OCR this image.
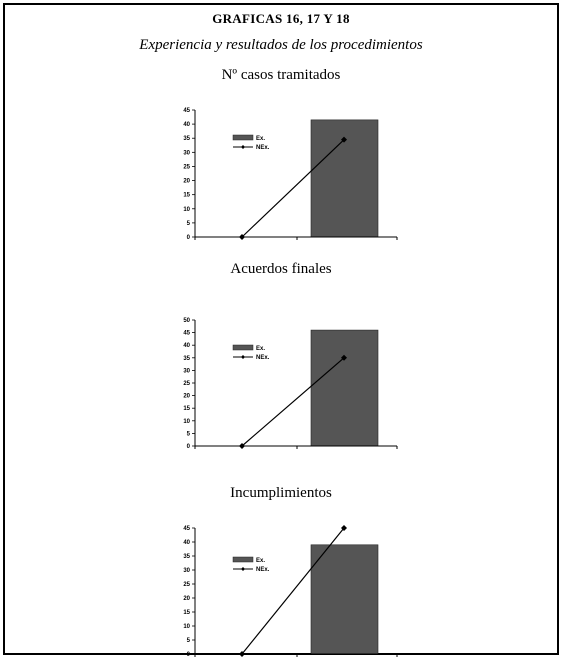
GRAFICAS 16, 17 Y 18
Experiencia y resultados de los procedimientos
Nº casos tramitados
0
5
10
15
20
25
30
35
40
45
Ex.
NEx.
Acuerdos finales
0
5
10
15
20
25
30
35
40
45
50
Ex.
NEx.
Incumplimientos
0
5
10
15
20
25
30
35
40
45
Ex.
NEx.
